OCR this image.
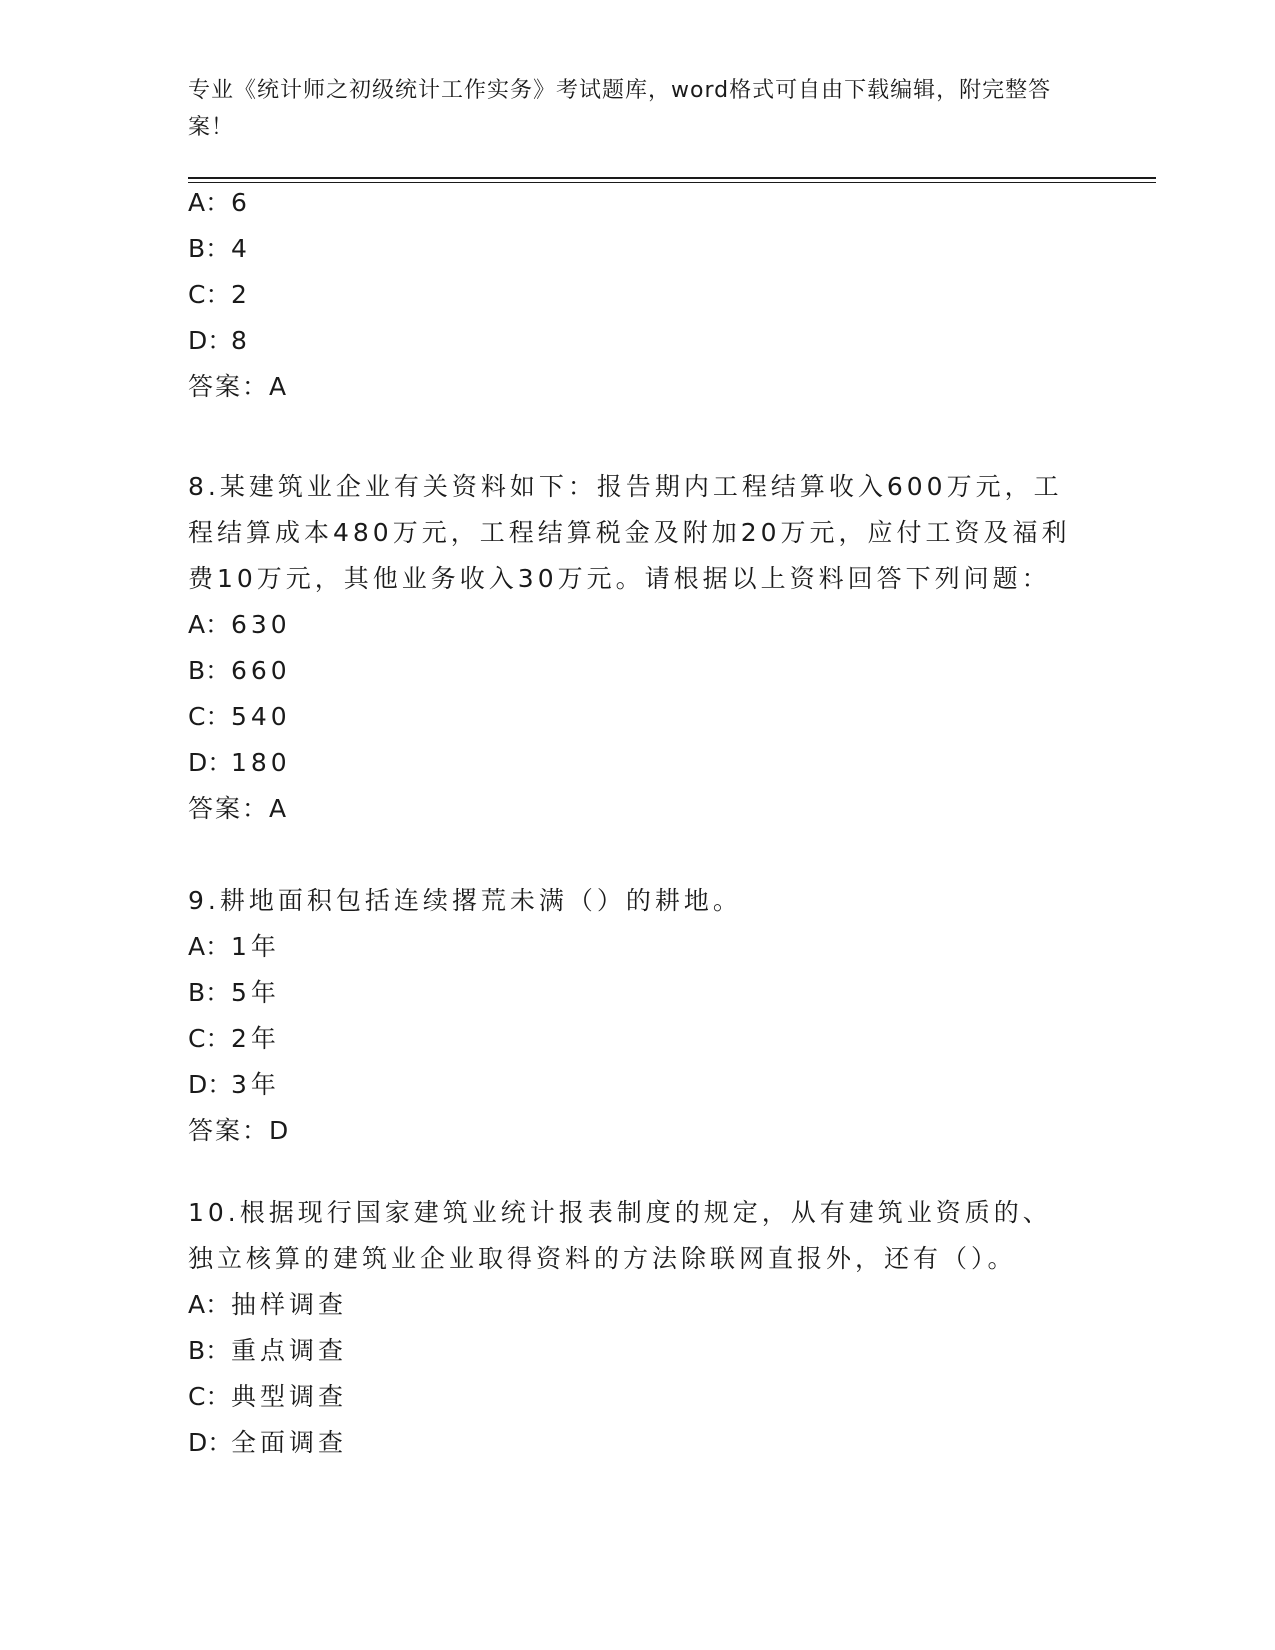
专业《统计师之初级统计工作实务》考试题库，word格式可自由下载编辑，附完整答案！
A：6
B：4
C：2
D：8
答案：A
8.某建筑业企业有关资料如下：报告期内工程结算收入600万元，工程结算成本480万元，工程结算税金及附加20万元，应付工资及福利费10万元，其他业务收入30万元。请根据以上资料回答下列问题：
A：630
B：660
C：540
D：180
答案：A
9.耕地面积包括连续撂荒未满（）的耕地。
A：1年
B：5年
C：2年
D：3年
答案：D
10.根据现行国家建筑业统计报表制度的规定，从有建筑业资质的、独立核算的建筑业企业取得资料的方法除联网直报外，还有（）。
A：抽样调查
B：重点调查
C：典型调查
D：全面调查
